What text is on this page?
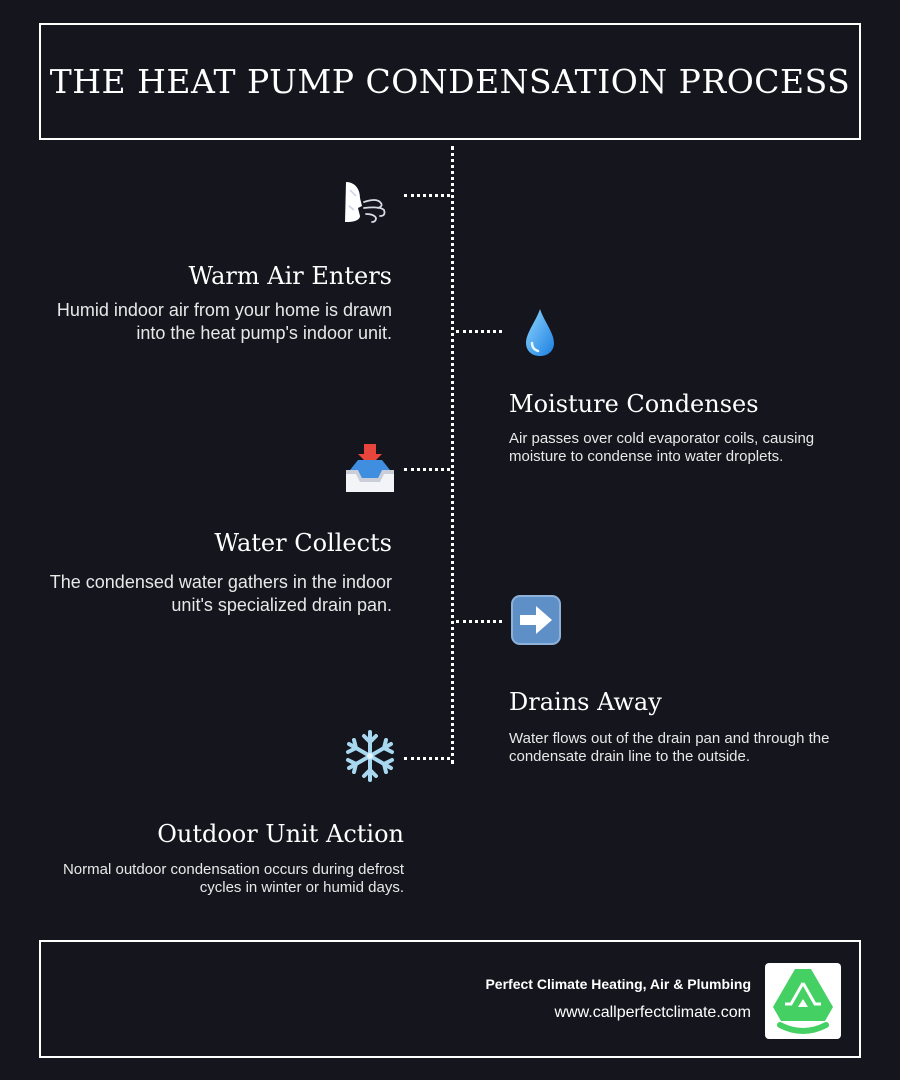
THE HEAT PUMP CONDENSATION PROCESS

Warm Air Enters

Humid indoor air from your home is drawn into the heat pump's indoor unit.

Moisture Condenses

Air passes over cold evaporator coils, causing moisture to condense into water droplets.

Water Collects

The condensed water gathers in the indoor unit's specialized drain pan.

Drains Away

Water flows out of the drain pan and through the condensate drain line to the outside.

Outdoor Unit Action

Normal outdoor condensation occurs during defrost cycles in winter or humid days.

Perfect Climate Heating, Air & Plumbing
www.callperfectclimate.com
